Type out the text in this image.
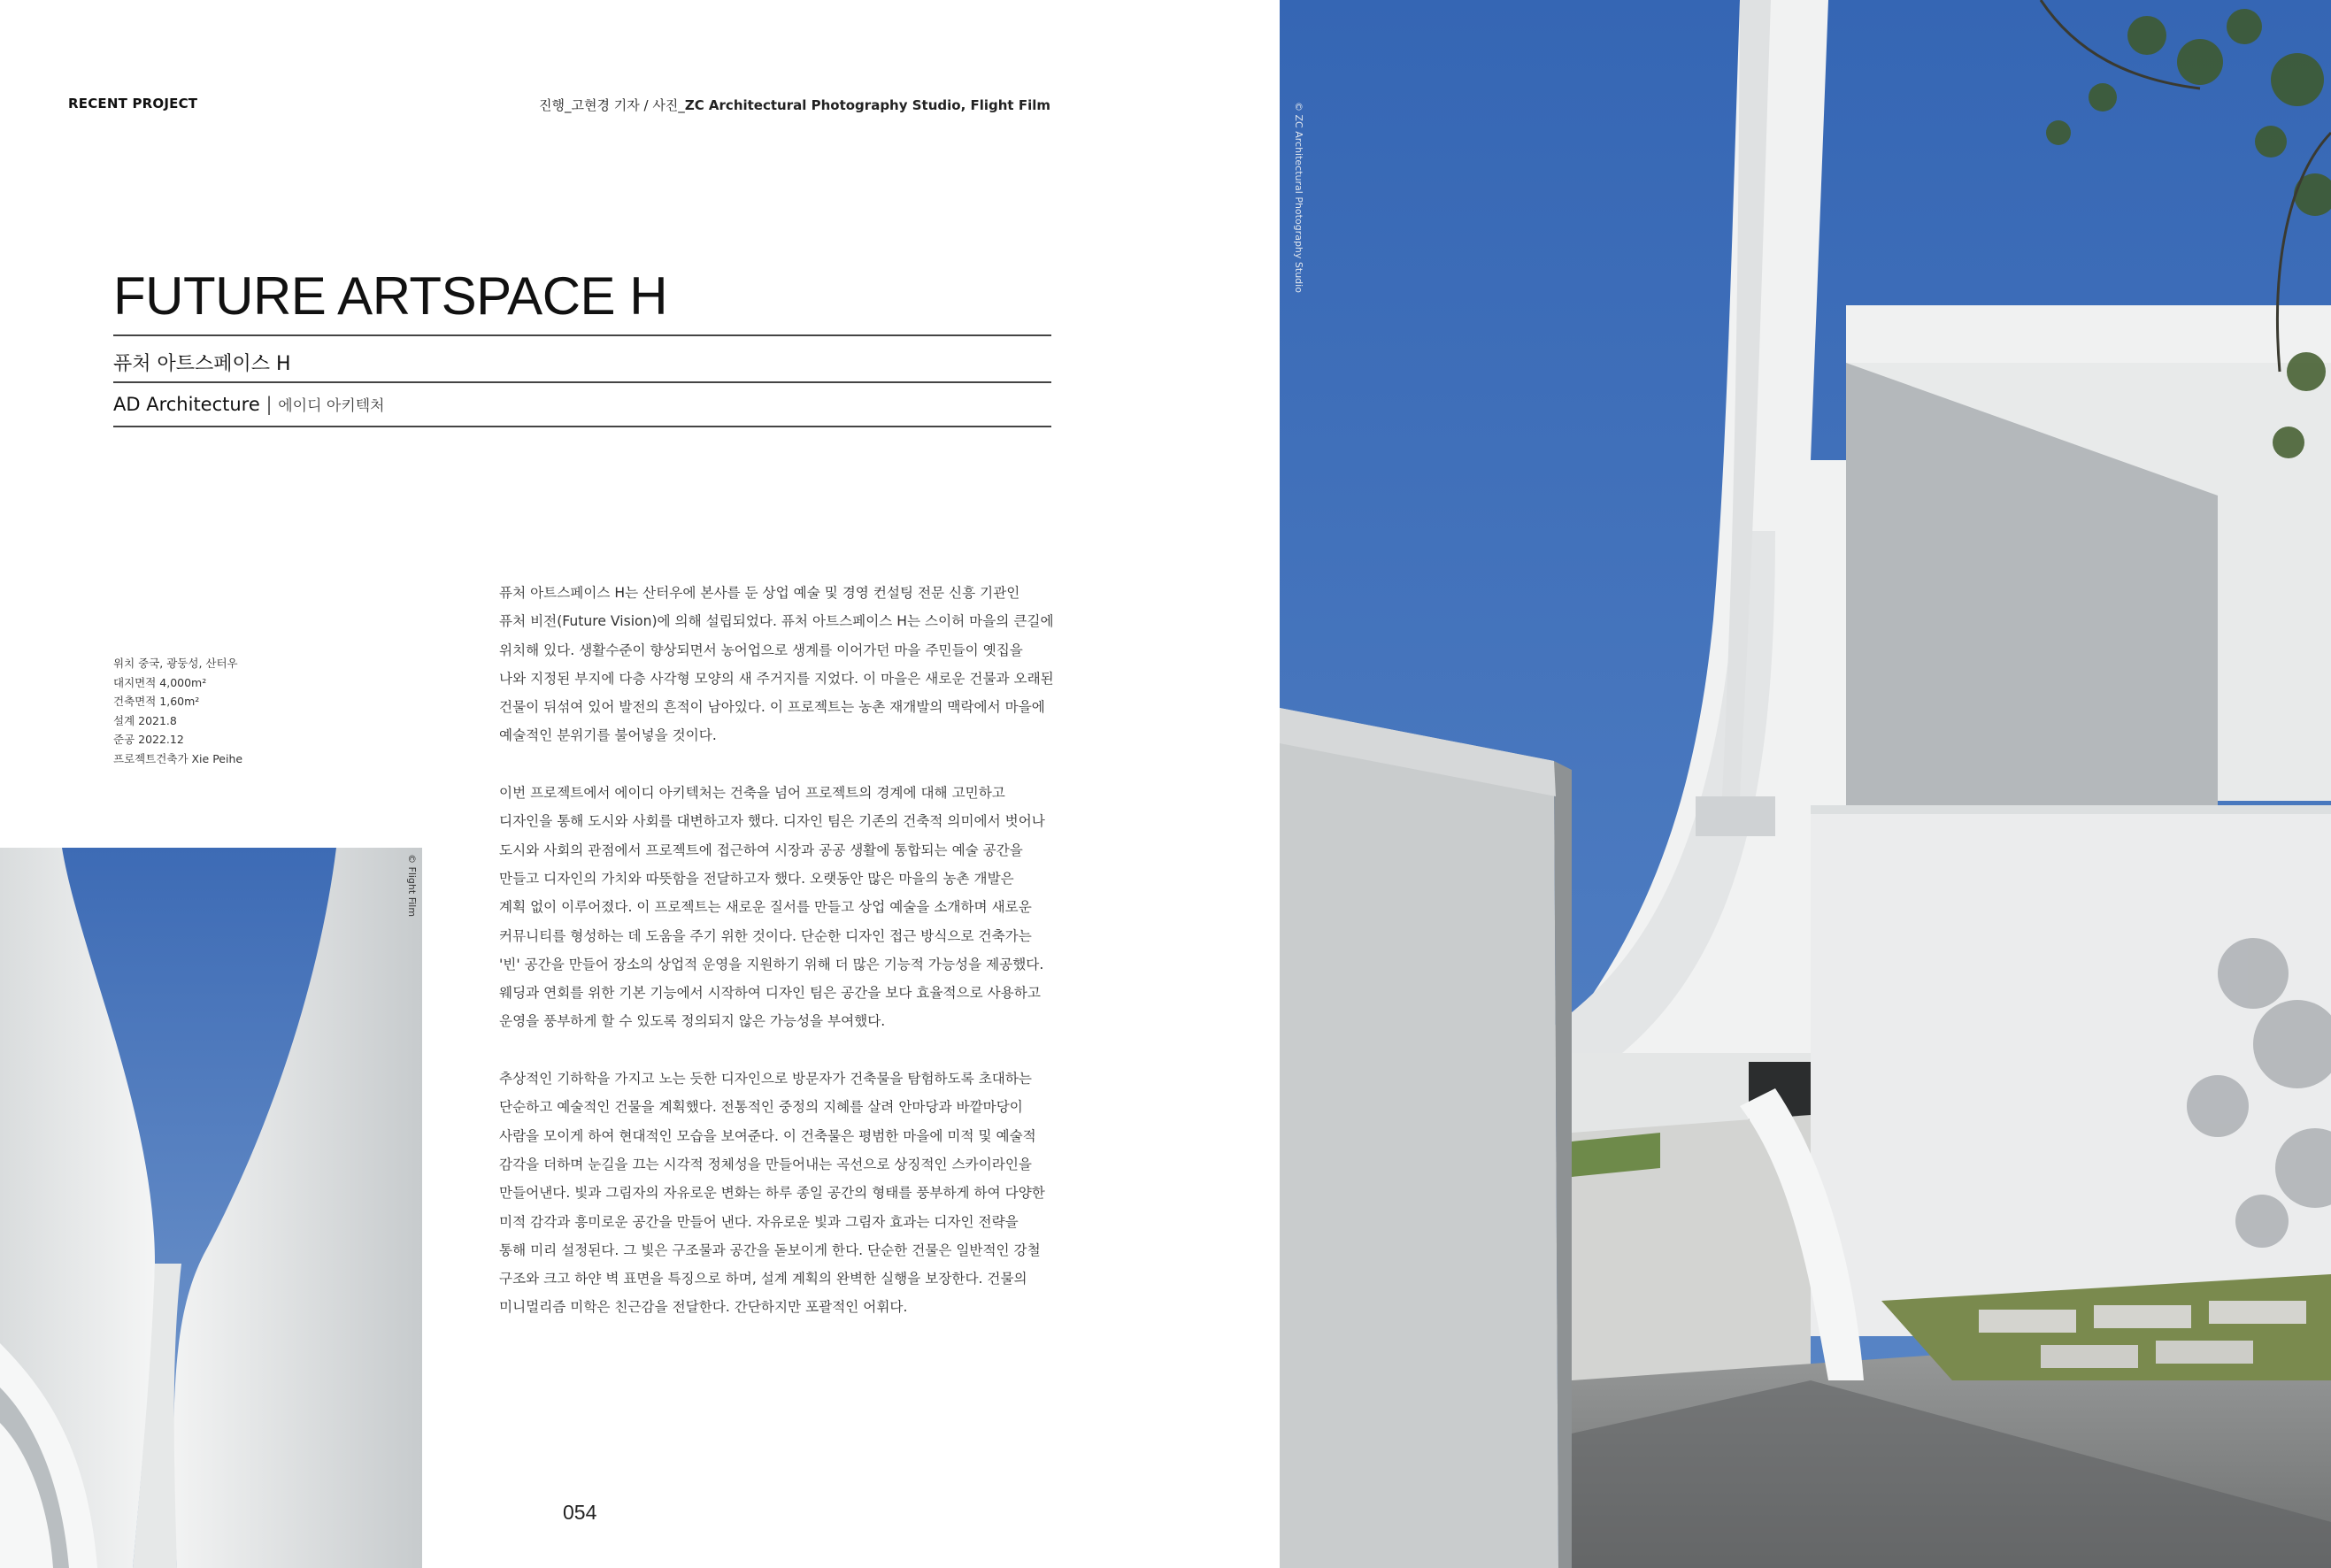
RECENT PROJECT	진행_고현경 기자 / 사진_ZC Architectural Photography Studio, Flight Film
FUTURE ARTSPACE H
퓨처 아트스페이스 H
AD Architecture | 에이디 아키텍처
위치 중국, 광둥성, 산터우
대지면적 4,000m²
건축면적 1,60m²
설계 2021.8
준공 2022.12
프로젝트건축가 Xie Peihe

퓨처 아트스페이스 H는 산터우에 본사를 둔 상업 예술 및 경영 컨설팅 전문 신흥 기관인
퓨처 비전(Future Vision)에 의해 설립되었다. 퓨처 아트스페이스 H는 스이허 마을의 큰길에
위치해 있다. 생활수준이 향상되면서 농어업으로 생계를 이어가던 마을 주민들이 옛집을
나와 지정된 부지에 다층 사각형 모양의 새 주거지를 지었다. 이 마을은 새로운 건물과 오래된
건물이 뒤섞여 있어 발전의 흔적이 남아있다. 이 프로젝트는 농촌 재개발의 맥락에서 마을에
예술적인 분위기를 불어넣을 것이다.

이번 프로젝트에서 에이디 아키텍처는 건축을 넘어 프로젝트의 경계에 대해 고민하고
디자인을 통해 도시와 사회를 대변하고자 했다. 디자인 팀은 기존의 건축적 의미에서 벗어나
도시와 사회의 관점에서 프로젝트에 접근하여 시장과 공공 생활에 통합되는 예술 공간을
만들고 디자인의 가치와 따뜻함을 전달하고자 했다. 오랫동안 많은 마을의 농촌 개발은
계획 없이 이루어졌다. 이 프로젝트는 새로운 질서를 만들고 상업 예술을 소개하며 새로운
커뮤니티를 형성하는 데 도움을 주기 위한 것이다. 단순한 디자인 접근 방식으로 건축가는
'빈' 공간을 만들어 장소의 상업적 운영을 지원하기 위해 더 많은 기능적 가능성을 제공했다.
웨딩과 연회를 위한 기본 기능에서 시작하여 디자인 팀은 공간을 보다 효율적으로 사용하고
운영을 풍부하게 할 수 있도록 정의되지 않은 가능성을 부여했다.

추상적인 기하학을 가지고 노는 듯한 디자인으로 방문자가 건축물을 탐험하도록 초대하는
단순하고 예술적인 건물을 계획했다. 전통적인 중정의 지혜를 살려 안마당과 바깥마당이
사람을 모이게 하여 현대적인 모습을 보여준다. 이 건축물은 평범한 마을에 미적 및 예술적
감각을 더하며 눈길을 끄는 시각적 정체성을 만들어내는 곡선으로 상징적인 스카이라인을
만들어낸다. 빛과 그림자의 자유로운 변화는 하루 종일 공간의 형태를 풍부하게 하여 다양한
미적 감각과 흥미로운 공간을 만들어 낸다. 자유로운 빛과 그림자 효과는 디자인 전략을
통해 미리 설정된다. 그 빛은 구조물과 공간을 돋보이게 한다. 단순한 건물은 일반적인 강철
구조와 크고 하얀 벽 표면을 특징으로 하며, 설계 계획의 완벽한 실행을 보장한다. 건물의
미니멀리즘 미학은 친근감을 전달한다. 간단하지만 포괄적인 어휘다.

054
© Flight Film
© ZC Architectural Photography Studio
